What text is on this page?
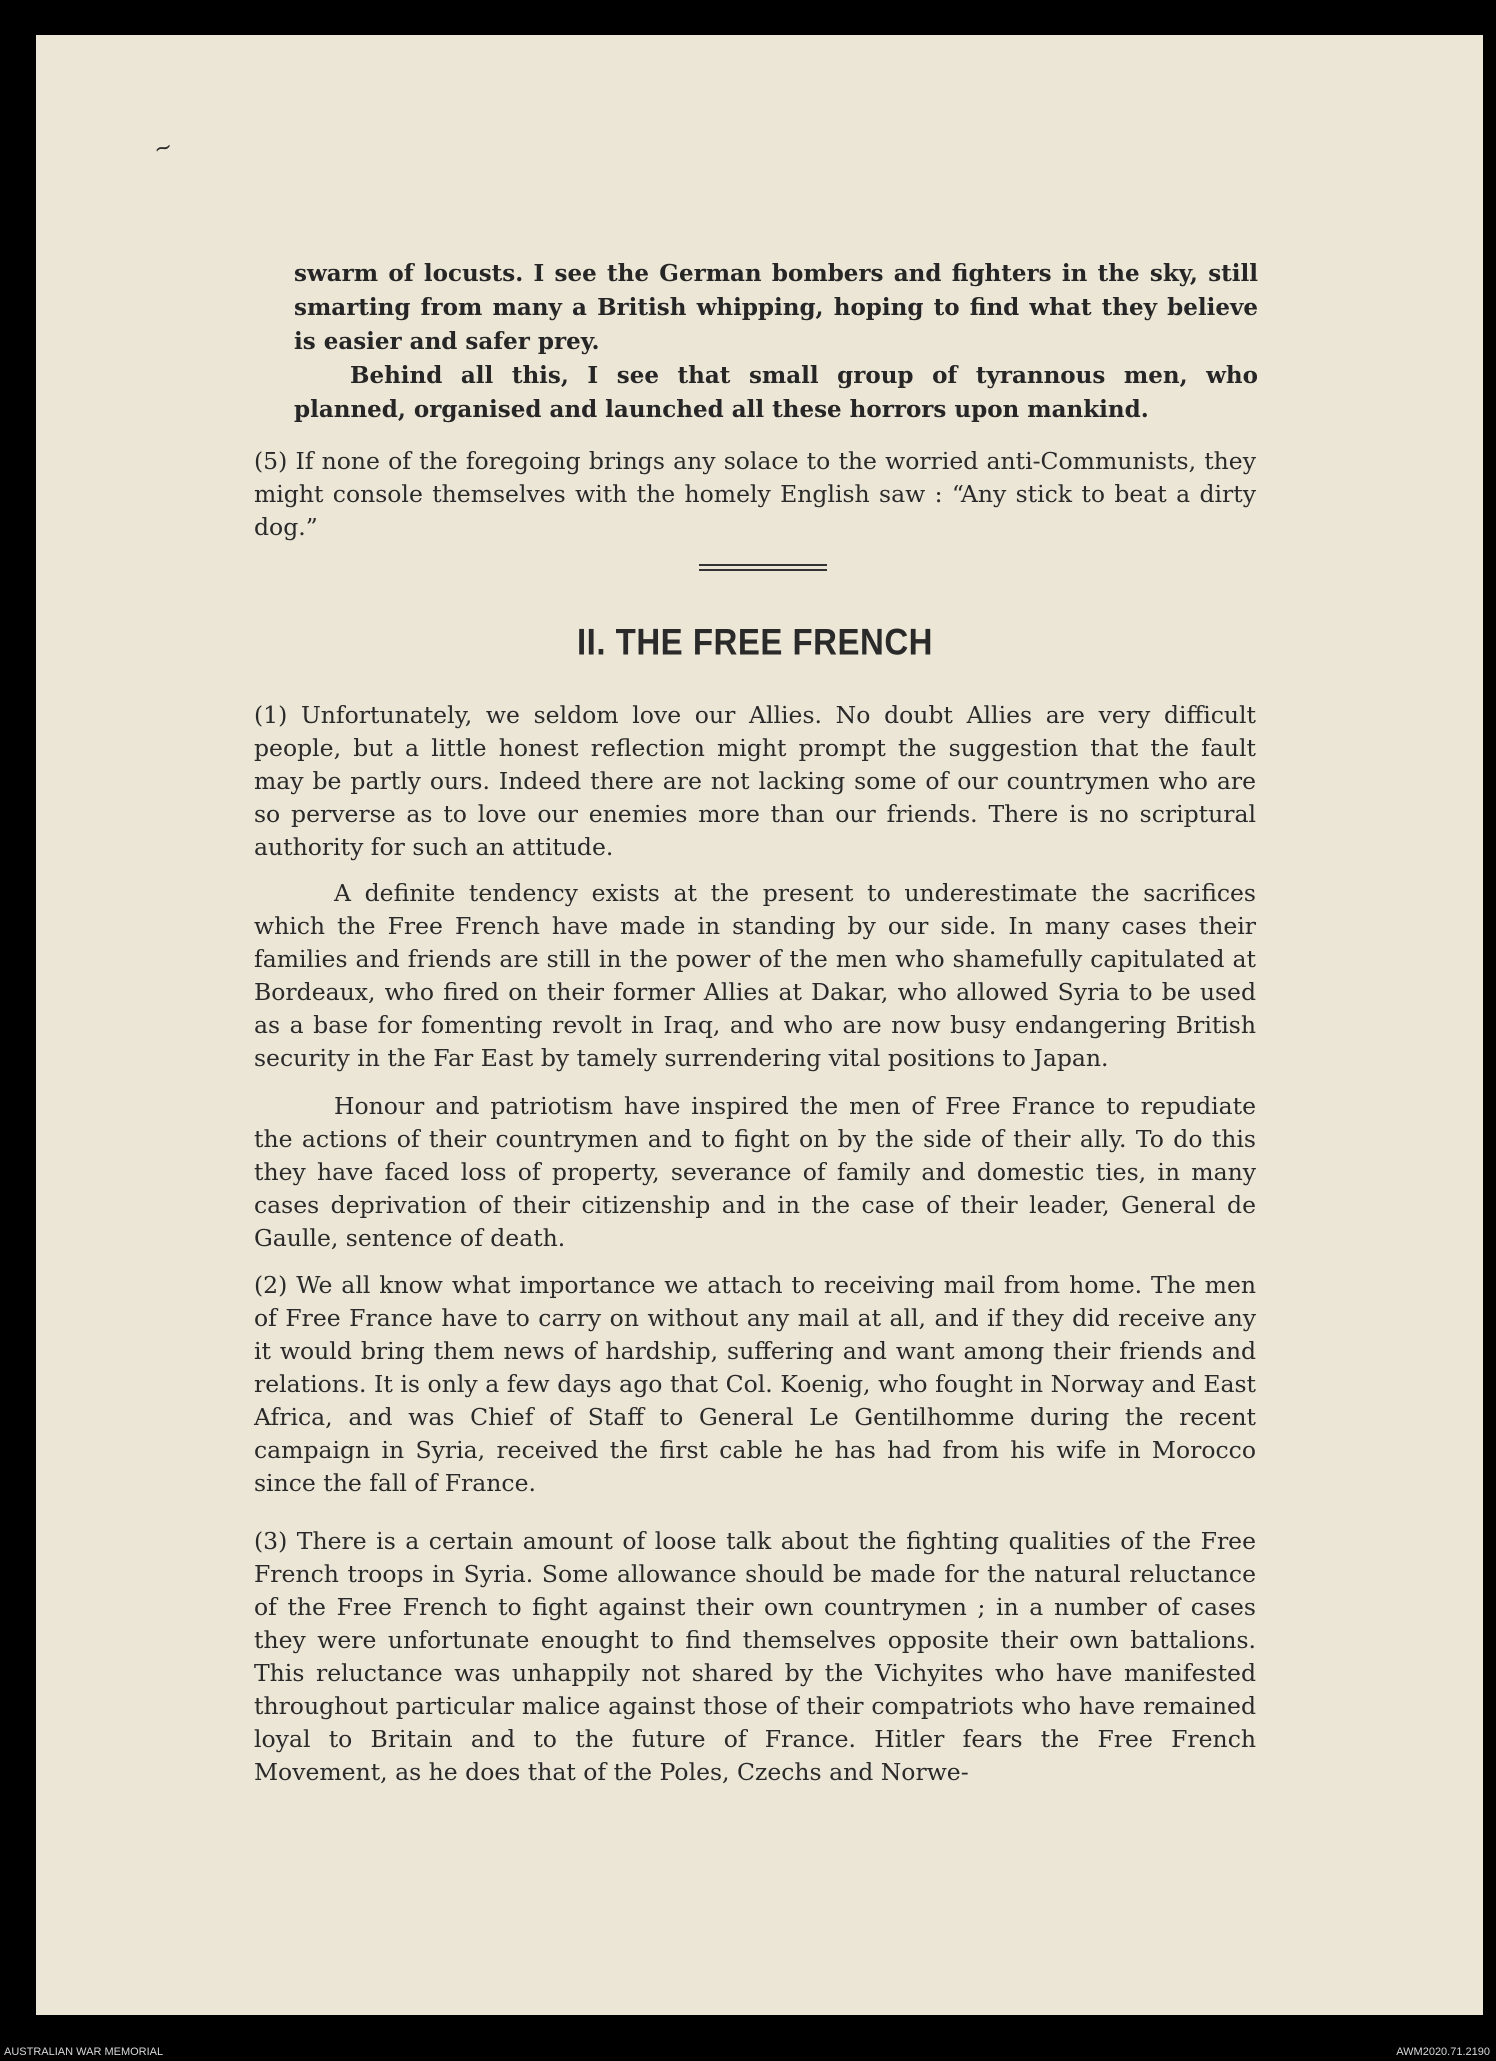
~

swarm of locusts. I see the German bombers and fighters in the sky, still smarting from many a British whipping, hoping to find what they believe is easier and safer prey.

Behind all this, I see that small group of tyrannous men, who planned, organised and launched all these horrors upon mankind.

(5) If none of the foregoing brings any solace to the worried anti-Communists, they might console themselves with the homely English saw : “Any stick to beat a dirty dog.”

II. THE FREE FRENCH

(1) Unfortunately, we seldom love our Allies. No doubt Allies are very difficult people, but a little honest reflection might prompt the suggestion that the fault may be partly ours. Indeed there are not lacking some of our countrymen who are so perverse as to love our enemies more than our friends. There is no scriptural authority for such an attitude.

A definite tendency exists at the present to underestimate the sacrifices which the Free French have made in standing by our side. In many cases their families and friends are still in the power of the men who shamefully capitulated at Bordeaux, who fired on their former Allies at Dakar, who allowed Syria to be used as a base for fomenting revolt in Iraq, and who are now busy endangering British security in the Far East by tamely surrendering vital positions to Japan.

Honour and patriotism have inspired the men of Free France to repudiate the actions of their countrymen and to fight on by the side of their ally. To do this they have faced loss of property, severance of family and domestic ties, in many cases deprivation of their citizenship and in the case of their leader, General de Gaulle, sentence of death.

(2) We all know what importance we attach to receiving mail from home. The men of Free France have to carry on without any mail at all, and if they did receive any it would bring them news of hardship, suffering and want among their friends and relations. It is only a few days ago that Col. Koenig, who fought in Norway and East Africa, and was Chief of Staff to General Le Gentilhomme during the recent campaign in Syria, received the first cable he has had from his wife in Morocco since the fall of France.

(3) There is a certain amount of loose talk about the fighting qualities of the Free French troops in Syria. Some allowance should be made for the natural reluctance of the Free French to fight against their own countrymen ; in a number of cases they were unfortunate enought to find themselves opposite their own battalions. This reluctance was unhappily not shared by the Vichyites who have manifested throughout particular malice against those of their compatriots who have remained loyal to Britain and to the future of France. Hitler fears the Free French Movement, as he does that of the Poles, Czechs and Norwe-

AUSTRALIAN WAR MEMORIAL	AWM2020.71.2190
